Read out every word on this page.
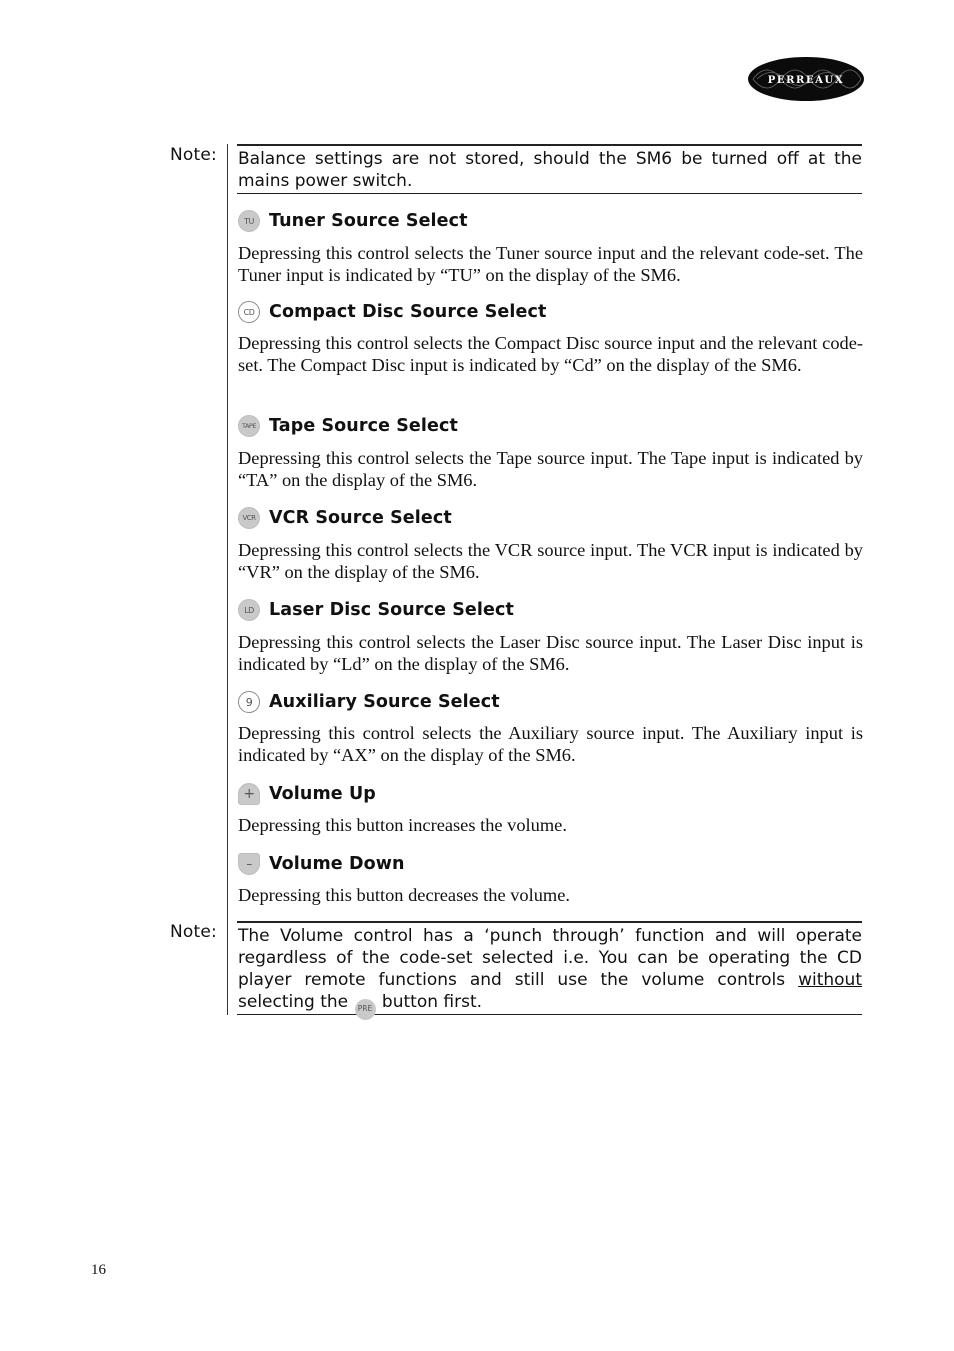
PERREAUX
Note: Balance settings are not stored, should the SM6 be turned off at the mains power switch.
TU Tuner Source Select
Depressing this control selects the Tuner source input and the relevant code-set. The Tuner input is indicated by “TU” on the display of the SM6.
CD Compact Disc Source Select
Depressing this control selects the Compact Disc source input and the relevant code-set. The Compact Disc input is indicated by “Cd” on the display of the SM6.
TAPE Tape Source Select
Depressing this control selects the Tape source input. The Tape input is indicated by “TA” on the display of the SM6.
VCR VCR Source Select
Depressing this control selects the VCR source input. The VCR input is indicated by “VR” on the display of the SM6.
LD Laser Disc Source Select
Depressing this control selects the Laser Disc source input. The Laser Disc input is indicated by “Ld” on the display of the SM6.
9 Auxiliary Source Select
Depressing this control selects the Auxiliary source input. The Auxiliary input is indicated by “AX” on the display of the SM6.
+ Volume Up
Depressing this button increases the volume.
– Volume Down
Depressing this button decreases the volume.
Note: The Volume control has a ‘punch through’ function and will operate regardless of the code-set selected i.e. You can be operating the CD player remote functions and still use the volume controls without selecting the PRE button first.
16
